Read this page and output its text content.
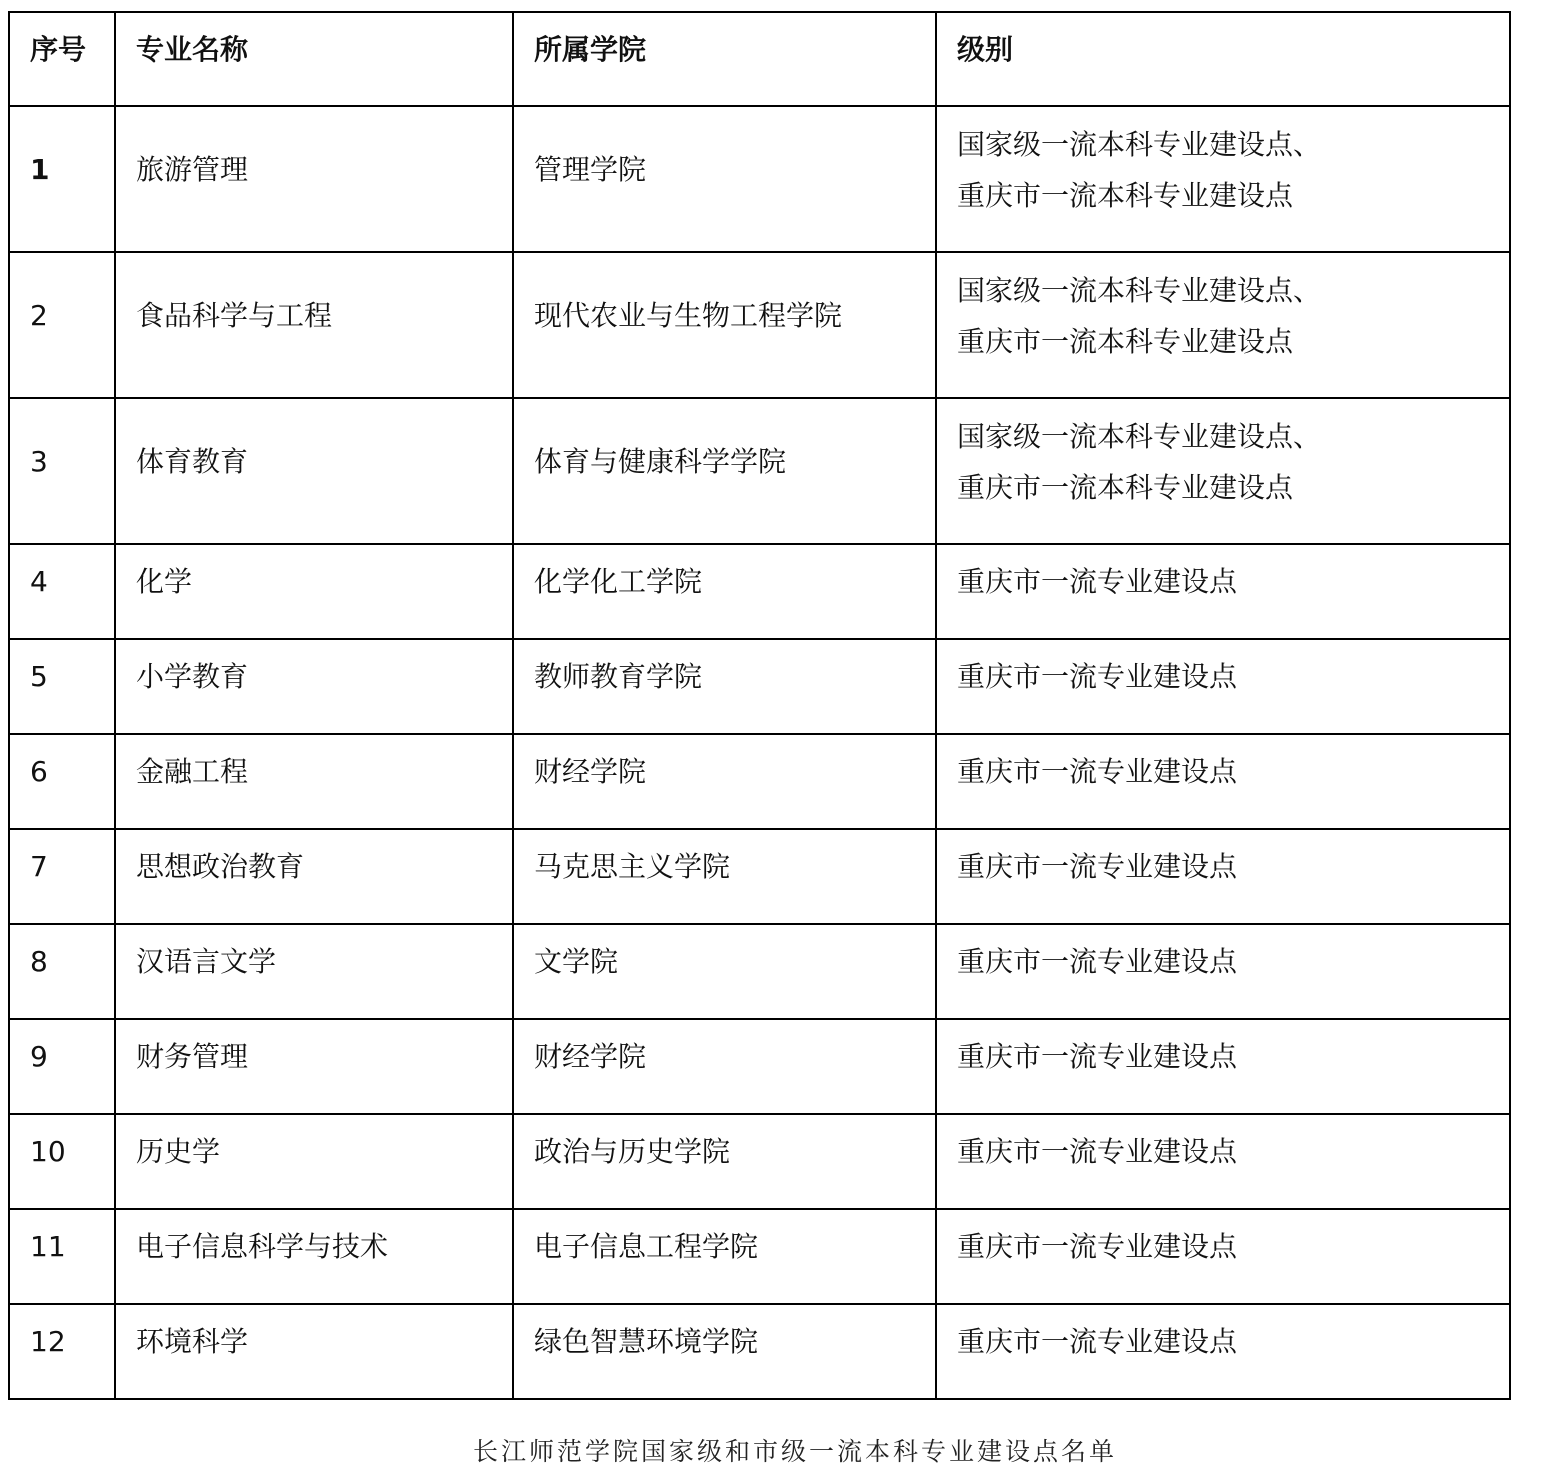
序号	专业名称	所属学院	级别
1	旅游管理	管理学院	国家级一流本科专业建设点、
重庆市一流本科专业建设点

2	食品科学与工程	现代农业与生物工程学院	国家级一流本科专业建设点、
重庆市一流本科专业建设点

3	体育教育	体育与健康科学学院	国家级一流本科专业建设点、
重庆市一流本科专业建设点

4	化学	化学化工学院	重庆市一流专业建设点

5	小学教育	教师教育学院	重庆市一流专业建设点

6	金融工程	财经学院	重庆市一流专业建设点

7	思想政治教育	马克思主义学院	重庆市一流专业建设点

8	汉语言文学	文学院	重庆市一流专业建设点

9	财务管理	财经学院	重庆市一流专业建设点

10	历史学	政治与历史学院	重庆市一流专业建设点

11	电子信息科学与技术	电子信息工程学院	重庆市一流专业建设点

12	环境科学	绿色智慧环境学院	重庆市一流专业建设点
长江师范学院国家级和市级一流本科专业建设点名单
